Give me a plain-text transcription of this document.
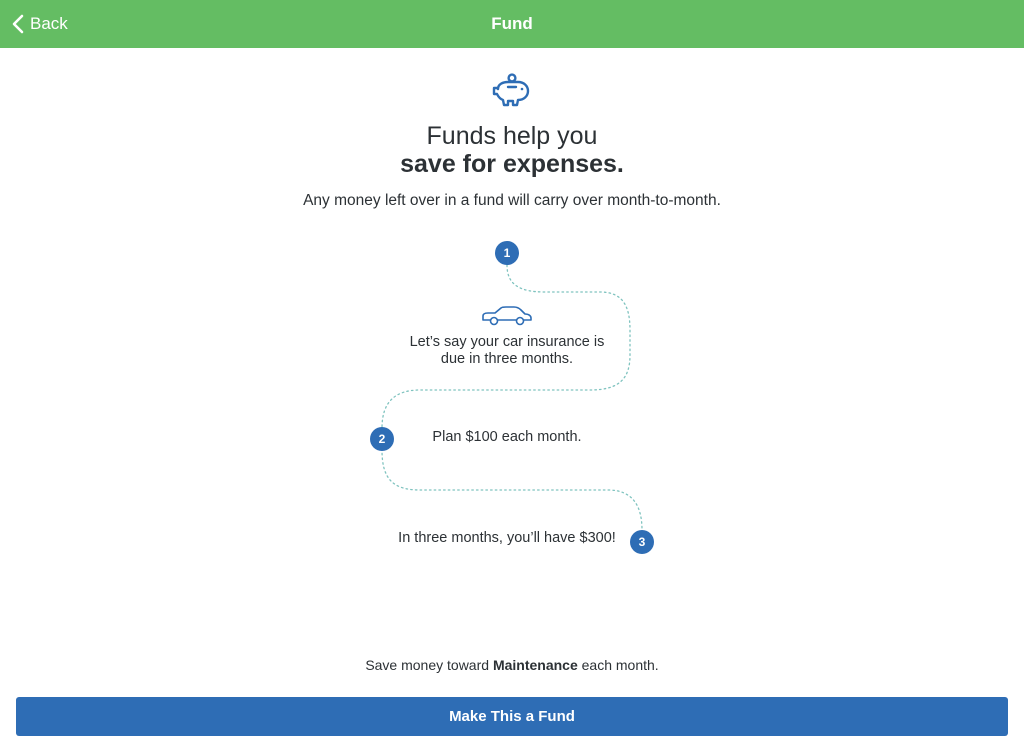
Back	Fund
Funds help you
save for expenses.
Any money left over in a fund will carry over month-to-month.
1
Let’s say your car insurance is
due in three months.
2	Plan $100 each month.
3
In three months, you’ll have $300!
Save money toward Maintenance each month.
Make This a Fund
